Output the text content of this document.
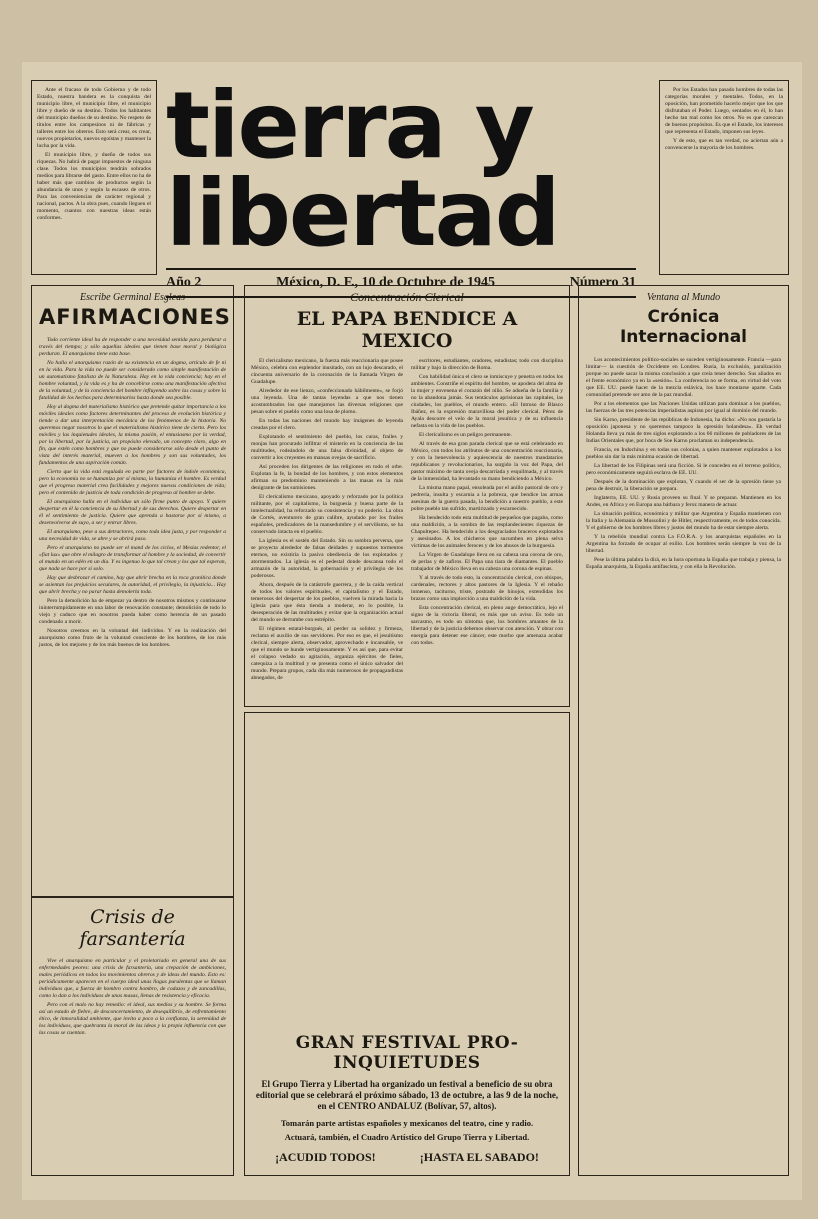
Ante el fracaso de todo Gobierno y de todo Estado, nuestra bandera es la conquista del municipio libre, el municipio libre, el municipio libre y dueño de su destino. Todos los habitantes del municipio dueños de su destino. No respeto de títulos entre los campesinos ni de fábricas y talleres entre los obreros. Esto será crear, es crear, nuevos propietarios, nuevos egoístas y mantener la lucha por la vida.

El municipio libre, y dueño de todos sus riquezas. No habrá de pagar impuestos de ninguna clase. Todos los municipios tendrán sobrados medios para librarse del gasto. Entre ellos no ha de haber más que cambios de productos según la abundancia de unos y según la escasez de otros. Para las conveniencias de carácter regional y nacional, pactos. A la obra pues, cuando lleguen el momento, cuantos con nuestras ideas están conformes.

tierra y
libertad

Por los Estados han pasado hombres de todas las categorías morales y mentales. Todos, en la oposición, han prometido hacerlo mejor que los que disfrutaban el Poder. Luego, sentados en él, lo han hecho tan mal como los otros. No es que carezcan de buenos propósitos. Es que el Estado, los intereses que representa el Estado, imponen sus leyes.

Y de esto, que es tan verdad, no aciertan aún a convencerse la mayoría de los hombres.

Año 2	México, D. F., 10 de Octubre de 1945	Número 31

Escribe Germinal Esgleas

AFIRMACIONES

Todo corriente ideal ha de responder a una necesidad sentida para perdurar a través del tiempo; y sólo aquellas ideales que tienen base moral y biológica perduran. El anarquismo tiene esta base.

No halla el anarquismo razón de su existencia en un dogma, artículo de fe ni en la vida. Para la vida no puede ser considerado como simple manifestación de un automatismo fatalista de la Naturaleza. Hay en la vida conciencia; hay en el hombre voluntad, y la vida es y ha de concebirse como una manifestación afectiva de la voluntad, y de la conciencia del hombre influyendo sobre las cosas y sobre la fatalidad de los hechos para determinarlos hasta donde sea posible.

Hoy al dogma del materialismo histórico que pretende quitar importancia a los móviles ideales como factores determinantes del proceso de evolución histórica y tiende a dar una interpretación mecánica de los fenómenos de la historia. No queremos negar nosotros lo que el materialismo histórico tiene de cierto. Pero los móviles y las inquietudes ideales, la misma pasión, el entusiasmo por la verdad, por la libertad, por la justicia, un propósito elevado, un concepto claro, algo en fin, que estén como hombres y que no puede considerarse sólo desde el punto de vista del interés material, mueven a los hombres y son sus voluntades, los fundamentos de una aspiración común.

Cierto que la vida está regulada en parte por factores de índole económica, pero la economía no se humaniza por sí misma, la humaniza el hombre. Es verdad que el progreso material crea facilidades y mejores nuevas condiciones de vida; pero el contenido de justicia de toda condición de progreso al hombre se debe.

El anarquismo halla en el individuo un sólo firme punto de apoyo. Y quiere despertar en él la conciencia de su libertad y de sus derechos. Quiere despertar en él el sentimiento de justicia. Quiere que aprenda a bastarse por sí mismo, a desenvolverse de suyo, a ser y entrar libres.

El anarquismo, pese a sus detractores, como toda idea justa, y por responder a una necesidad de vida, se abre y se abrirá paso.

Pero el anarquismo no puede ser el mand de los ciclos, el Mesías redentor, el «fiat lux» que obre el milagro de transformar al hombre y la sociedad, de convertir al mundo en un edén en un día. Y es ingenuo lo que tal crean y los que tal esperan, que nada se hace por sí solo.

Hay que desbrozar el camino, hay que abrir brecha en la roca granítica donde se asientan los prejuicios seculares, la autoridad, el privilegio, la injusticia... Hay que abrir brecha y no parar hasta demolerla toda.

Pero la demolición ha de empezar ya dentro de nosotros mismos y continuarse ininterrumpidamente en una labor de renovación constante; demolición de todo lo viejo y caduco que en nosotros pueda haber como herencia de un pasado condenado a morir.

Nosotros creemos en la voluntad del individuo. Y en la realización del anarquismo como fruto de la voluntad consciente de los hombres, de los más justos, de los mejores y de los más buenos de los hombres.

Crisis de farsantería

Vive el anarquismo en particular y el proletariado en general una de sus enfermedades peores: una crisis de farsantería, una crepación de ambiciones, males periódicos en todos los movimientos obreros y de ideas del mundo. Esto es: periódicamente aparecen en el cuerpo ideal unas llagas purulentas que se llaman individuos que, a fuerza de hombro contra hombro, de codazos y de zancadillas, como lo dan a los individuos de unas masas, llenas de resistencia y eficacia.

Pero con el malo no hay remedio: el ideal, sus medios y su hombre. Se forma así un estado de fiebre, de desconcertamiento, de desequilibrio, de enfrentamiento ético, de inmoralidad ambiente, que invita a poco a la confianza, la serenidad de los individuos, que quebranta la moral de las ideas y la propia influencia con que las cosas se cuentan.

Concentración Clerical

EL PAPA BENDICE A MEXICO

El clericalismo mexicano, la fuerza más reaccionaria que posee México, celebra con esplendor inusitado, con un lujo descarado, el cincuenta aniversario de la coronación de la llamada Virgen de Guadalupe.

Alrededor de ese lienzo, «confeccionado hábilmente», se forjó una leyenda. Una de tantas leyendas a que nos tienen acostumbrados los que manejamos las diversas religiones que pesan sobre el pueblo como una losa de plomo.

En todas las naciones del mundo hay imágenes de leyenda creadas por el clero.

Explotando el sentimiento del pueblo, los curas, frailes y monjas han procurado infiltrar el misterio en la conciencia de las multitudes, rodeándolo de una falsa divinidad, al objeto de convertir a los creyentes en mansas ovejas de sacrificio.

Así proceden los dirigentes de las religiones en todo el orbe. Explotan la fe, la bondad de los hombres, y con estos elementos afirman su predominio manteniendo a las masas en la más denigrante de las sumisiones.

El clericalismo mexicano, apoyado y reforzado por la política militante, por el capitalismo, la burguesía y buena parte de la intelectualidad, ha reforzado su consistencia y su poderío. La obra de Cortés, aventurero de gran calibre, ayudado por los frailes españoles, predicadores de la mansedumbre y el servilismo, se ha conservado intacta en el pueblo.

La iglesia es el sostén del Estado. Sin su sombra perversa, que se proyecta alrededor de falsas deidades y supuestos tormentos eternos, no existiría la pasiva obediencia de los explotados y atormentados. La iglesia es el pedestal donde descansa todo el armazón de la autoridad, la gobernación y el privilegio de los poderosos.

Ahora, después de la catástrofe guerrera, y de la caída vertical de todos los valores espirituales, el capitalismo y el Estado, temerosos del despertar de los pueblos, vuelven la mirada hacia la iglesia para que ésta tienda a moderar, en lo posible, la desesperación de las multitudes y evitar que la organización actual del mundo se derrumbe con estrépito.

El régimen estatal-burgués, al perder su solidez y firmeza, reclama el auxilio de sus servidores. Por eso es que, el jesuitismo clerical, siempre alerta, observador, aprovechado e incansable, ve que el mundo se hunde vertiginosamente. Y es así que, para evitar el colapso vedado su agitación, organiza ejércitos de fieles, catequiza a la multitud y se presenta como el único salvador del mundo. Prepara grupos, cada día más numerosos de propagandistas abnegados, de

escritores, estudiantes, oradores, estadistas; todo con disciplina militar y bajo la dirección de Roma.

Con habilidad única el clero se inmiscuye y penetra en todos los ambientes. Constriñe el espíritu del hombre, se apodera del alma de la mujer y envenena el corazón del niño. Se adueña de la familia y no la abandona jamás. Sus tentáculos aprisionan las capitales, las ciudades, los pueblos, el mundo entero. «El Intruso de Blasco Ibáñez, es la expresión maravillosa del poder clerical. Pérez de Ayala descorre el velo de la moral jesuítica y de su influencia nefasta en la vida de los pueblos.

El clericalismo es un peligro permanente.

Al través de esa gran parada clerical que se está celebrando en México, con todos los atributos de una concentración reaccionaria, y con la benevolencia y aquiescencia de nuestros mandatarios republicanos y revolucionarios, ha surgido la voz del Papa, del pastor máximo de tanta oveja descarriada y esquilmada, y al través de la inmensidad, ha levantado su mano bendiciendo a México.

La misma mano papal, ensoleada por el anillo pastoral de oro y pedrería, insulta y escarnia a la pobreza, que bendice las armas asesinas de la guerra pasada, la bendición a nuestro pueblo, a este pobre pueblo tan sufrido, martirizado y escarnecido.

Ha bendecido todo esta multitud de pequeños que pagaba, como una maldición, a la sombra de las resplandecientes riquezas de Chapultepec. Ha bendecido a los desgraciados braceros explotados y asesinados. A los chicheros que sucumben en plena selva víctimas de los animales feroces y de los abusos de la burguesía.

La Virgen de Guadalupe lleva en su cabeza una corona de oro, de perlas y de zafiros. El Papa una tiara de diamantes. El pueblo trabajador de México lleva en su cabeza una corona de espinas.

Y al través de todo esto, la concentración clerical, con obispos, cardenales, rectores y altos pastores de la Iglesia. Y el rebaño inmenso, taciturno, triste, postrado de hinojos, extendidas los brazos como una implorción a una maldición de la vida.

Esta concentración clerical, en pleno auge democrático, lejo el signo de la victoria liberal, es más que un aviso. Es todo un sarcasmo, es todo un síntoma que, los hombres amantes de la libertad y de la justicia debemos observar con atención. Y obrar con energía para detener ese cáncer, este morbo que amenaza acabar con todos.

GRAN FESTIVAL PRO-INQUIETUDES

El Grupo Tierra y Libertad ha organizado un festival a beneficio de su obra editorial que se celebrará el próximo sábado, 13 de octubre, a las 9 de la noche, en el CENTRO ANDALUZ (Bolívar, 57, altos).

Tomarán parte artistas españoles y mexicanos del teatro, cine y radio.

Actuará, también, el Cuadro Artístico del Grupo Tierra y Libertad.

¡ACUDID TODOS!	¡HASTA EL SABADO!

Ventana al Mundo

Crónica Internacional

Los acontecimientos político-sociales se suceden vertiginosamente. Francia —para limitar— la cuestión de Occidente en Londres. Rusia, la exclusión, paralización porque no puede sacar la misma conclusión a que creía tener derecho. Sus aliados en el frente económico ya en la «sesión». La conferencia no se forma, en virtud del voto que EE. UU. puede hacer de la mezcla eslávica, los hace montarse aparte. Cada comunidad pretende ser amo de la paz mundial.

Por a los elementos que las Naciones Unidas utilizan para dominar a los pueblos, las fuerzas de las tres potencias imperialistas aspiran por igual al dominio del mundo.

Sin Karno, presidente de las repúblicas de Indonesia, ha dicho: «No nos gustaría la oposición japonesa y no queremos tampoco la opresión holandesa». Eh verdad Holanda lleva ya más de tres siglos explotando a los 66 millones de pobladores de las Indias Orientales que, por boca de Soe Karno proclaman su independencia.

Francia, en Indochina y en todas sus colonias, a quien mantener explotados a los pueblos sin dar la más mínima ocasión de libertad.

La libertad de los Filipinas será una ficción. Si le conceden en el terreno político, pero económicamente seguirá esclava de EE. UU.

Después de la dominación que explotan, Y cuando el ser de la opresión tiene ya pena de destruir, la liberación se prepara.

Inglaterra, EE. UU. y Rusia proveen su final. Y se preparan. Mantienen en los Andes, en Africa y en Europa una bárbara y feroz manera de actuar.

La situación política, económica y militar que Argentina y España mantienen con la Italia y la Alemania de Mussolini y de Hitler, respectivamente, es de todos conocida. Y el gobierno de los hombres libres y justos del mundo ha de estar siempre alerta.

Y la rebelión mundial contra La F.O.R.A. y los anarquistas españoles en la Argentina ha forzado de ocupar al exilio. Los hombres serán siempre la voz de la libertad.

Pese la última palabra la dirá, en la hora oportuna la España que trabaja y piensa, la España anarquista, la España antifascista, y con ella la Revolución.
